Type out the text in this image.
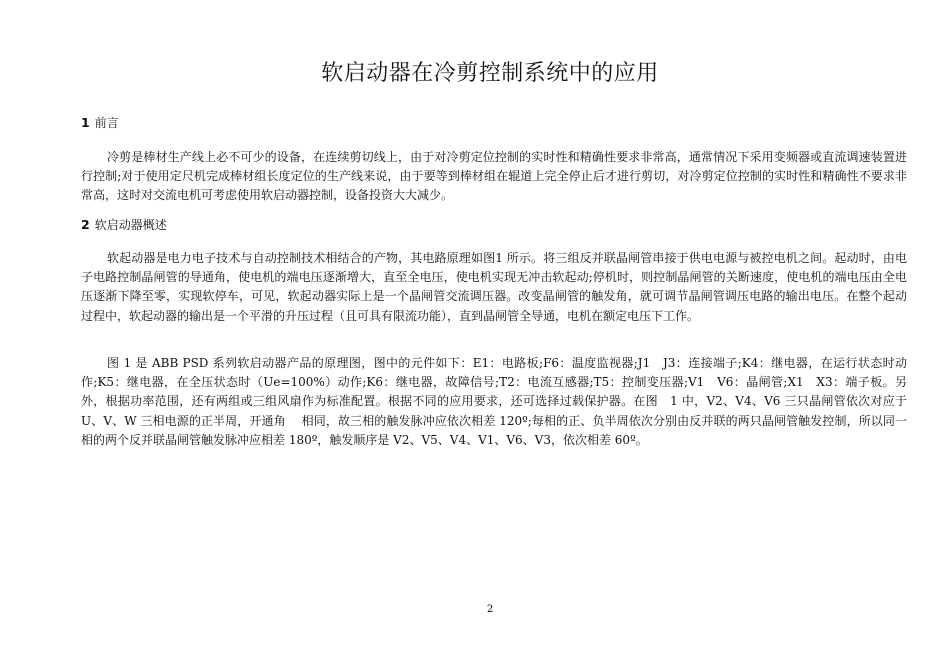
软启动器在冷剪控制系统中的应用
1 前言

冷剪是棒材生产线上必不可少的设备，在连续剪切线上，由于对冷剪定位控制的实时性和精确性要求非常高，通常情况下采用变频器或直流调速装置进行控制;对于使用定尺机完成棒材组长度定位的生产线来说，由于要等到棒材组在辊道上完全停止后才进行剪切，对冷剪定位控制的实时性和精确性不要求非常高，这时对交流电机可考虑使用软启动器控制，设备投资大大减少。

2 软启动器概述

软起动器是电力电子技术与自动控制技术相结合的产物，其电路原理如图1 所示。将三组反并联晶闸管串接于供电电源与被控电机之间。起动时，由电子电路控制晶闸管的导通角，使电机的端电压逐渐增大，直至全电压，使电机实现无冲击软起动;停机时，则控制晶闸管的关断速度，使电机的端电压由全电压逐渐下降至零，实现软停车，可见，软起动器实际上是一个晶闸管交流调压器。改变晶闸管的触发角，就可调节晶闸管调压电路的输出电压。在整个起动过程中，软起动器的输出是一个平滑的升压过程（且可具有限流功能），直到晶闸管全导通，电机在额定电压下工作。

图 1 是 ABB PSD 系列软启动器产品的原理图，图中的元件如下：E1：电路板;F6：温度监视器;J1　J3：连接端子;K4：继电器，在运行状态时动作;K5：继电器，在全压状态时（Ue=100%）动作;K6：继电器，故障信号;T2：电流互感器;T5：控制变压器;V1　V6：晶闸管;X1　X3：端子板。另外，根据功率范围，还有两组或三组风扇作为标准配置。根据不同的应用要求，还可选择过载保护器。在图　1 中，V2、V4、V6 三只晶闸管依次对应于 U、V、W 三相电源的正半周，开通角　 相同，故三相的触发脉冲应依次相差 120º;每相的正、负半周依次分别由反并联的两只晶闸管触发控制，所以同一相的两个反并联晶闸管触发脉冲应相差 180º，触发顺序是 V2、V5、V4、V1、V6、V3，依次相差 60º。

2
